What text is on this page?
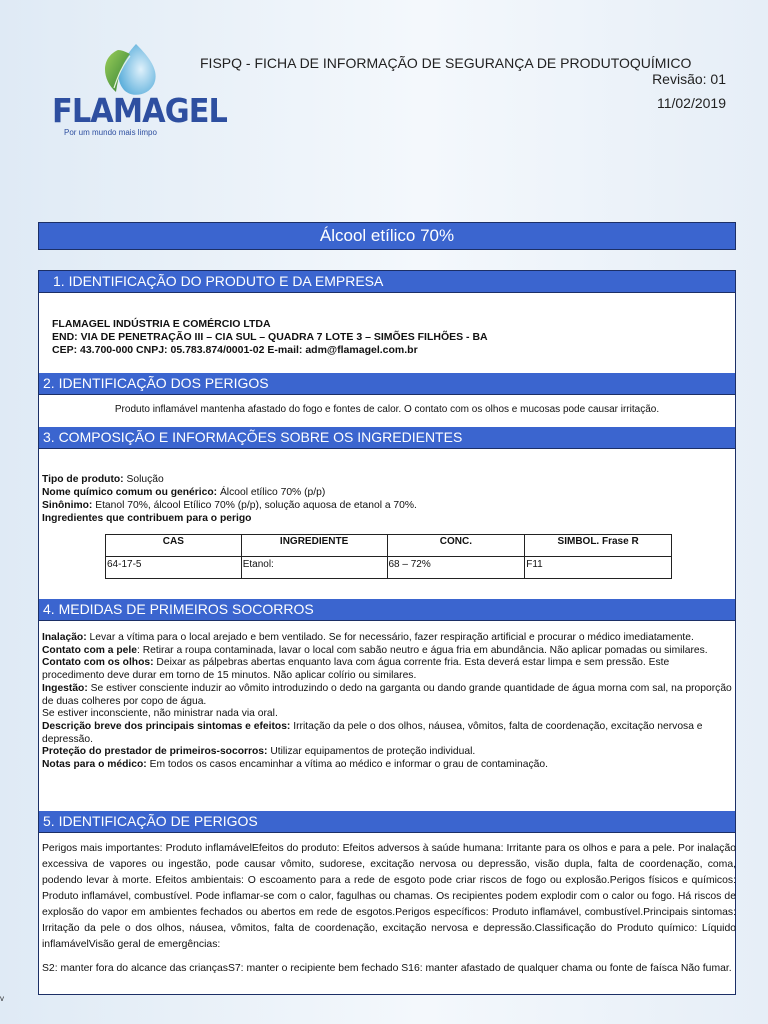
FLAMAGEL
Por um mundo mais limpo
FISPQ - FICHA DE INFORMAÇÃO DE SEGURANÇA DE PRODUTOQUÍMICO
Revisão: 01
11/02/2019
Álcool etílico 70%
1. IDENTIFICAÇÃO DO PRODUTO E DA EMPRESA
FLAMAGEL INDÚSTRIA E COMÉRCIO LTDA
END: VIA DE PENETRAÇÃO III – CIA SUL – QUADRA 7 LOTE 3 – SIMÕES FILHÕES - BA
CEP: 43.700-000 CNPJ: 05.783.874/0001-02 E-mail: adm@flamagel.com.br
2. IDENTIFICAÇÃO DOS PERIGOS
Produto inflamável mantenha afastado do fogo e fontes de calor. O contato com os olhos e mucosas pode causar irritação.
3. COMPOSIÇÃO E INFORMAÇÕES SOBRE OS INGREDIENTES
Tipo de produto: Solução
Nome químico comum ou genérico: Álcool etílico 70% (p/p)
Sinônimo: Etanol 70%, álcool Etílico 70% (p/p), solução aquosa de etanol a 70%.
Ingredientes que contribuem para o perigo
CAS	INGREDIENTE	CONC.	SIMBOL. Frase R
64-17-5	Etanol:	68 – 72%	F11
4. MEDIDAS DE PRIMEIROS SOCORROS

Inalação: Levar a vítima para o local arejado e bem ventilado. Se for necessário, fazer respiração artificial e procurar o médico imediatamente.

Contato com a pele: Retirar a roupa contaminada, lavar o local com sabão neutro e água fria em abundância. Não aplicar pomadas ou similares.

Contato com os olhos: Deixar as pálpebras abertas enquanto lava com água corrente fria. Esta deverá estar limpa e sem pressão. Este procedimento deve durar em torno de 15 minutos. Não aplicar colírio ou similares.

Ingestão: Se estiver consciente induzir ao vômito introduzindo o dedo na garganta ou dando grande quantidade de água morna com sal, na proporção de duas colheres por copo de água.

Se estiver inconsciente, não ministrar nada via oral.

Descrição breve dos principais sintomas e efeitos: Irritação da pele o dos olhos, náusea, vômitos, falta de coordenação, excitação nervosa e depressão.

Proteção do prestador de primeiros-socorros: Utilizar equipamentos de proteção individual.

Notas para o médico: Em todos os casos encaminhar a vítima ao médico e informar o grau de contaminação.

5. IDENTIFICAÇÃO DE PERIGOS
Perigos mais importantes: Produto inflamávelEfeitos do produto: Efeitos adversos à saúde humana: Irritante para os olhos e para a pele. Por inalação excessiva de vapores ou ingestão, pode causar vômito, sudorese, excitação nervosa ou depressão, visão dupla, falta de coordenação, coma, podendo levar à morte. Efeitos ambientais: O escoamento para a rede de esgoto pode criar riscos de fogo ou explosão.Perigos físicos e químicos: Produto inflamável, combustível. Pode inflamar-se com o calor, fagulhas ou chamas. Os recipientes podem explodir com o calor ou fogo. Há riscos de explosão do vapor em ambientes fechados ou abertos em rede de esgotos.Perigos específicos: Produto inflamável, combustível.Principais sintomas: Irritação da pele o dos olhos, náusea, vômitos, falta de coordenação, excitação nervosa e depressão.Classificação do Produto químico: Líquido inflamávelVisão geral de emergências:
S2: manter fora do alcance das criançasS7: manter o recipiente bem fechado S16: manter afastado de qualquer chama ou fonte de faísca Não fumar.
v
